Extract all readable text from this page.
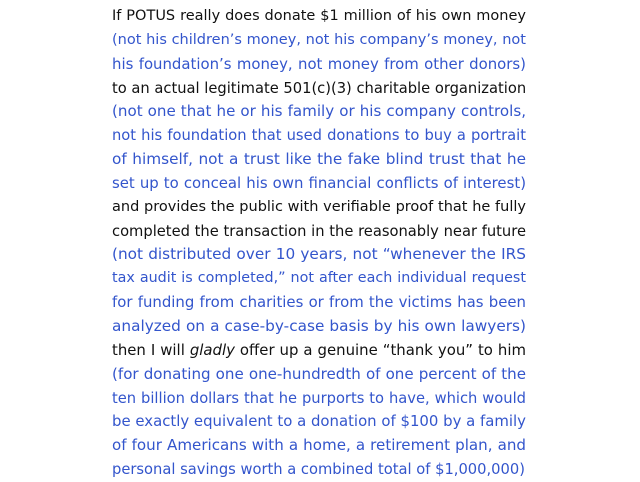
If POTUS really does donate $1 million of his own money
(not his children’s money, not his company’s money, not
his foundation’s money, not money from other donors)
to an actual legitimate 501(c)(3) charitable organization
(not one that he or his family or his company controls,
not his foundation that used donations to buy a portrait
of himself, not a trust like the fake blind trust that he
set up to conceal his own financial conflicts of interest)
and provides the public with verifiable proof that he fully
completed the transaction in the reasonably near future
(not distributed over 10 years, not “whenever the IRS
tax audit is completed,” not after each individual request
for funding from charities or from the victims has been
analyzed on a case-by-case basis by his own lawyers)
then I will gladly offer up a genuine “thank you” to him
(for donating one one-hundredth of one percent of the
ten billion dollars that he purports to have, which would
be exactly equivalent to a donation of $100 by a family
of four Americans with a home, a retirement plan, and
personal savings worth a combined total of $1,000,000)
